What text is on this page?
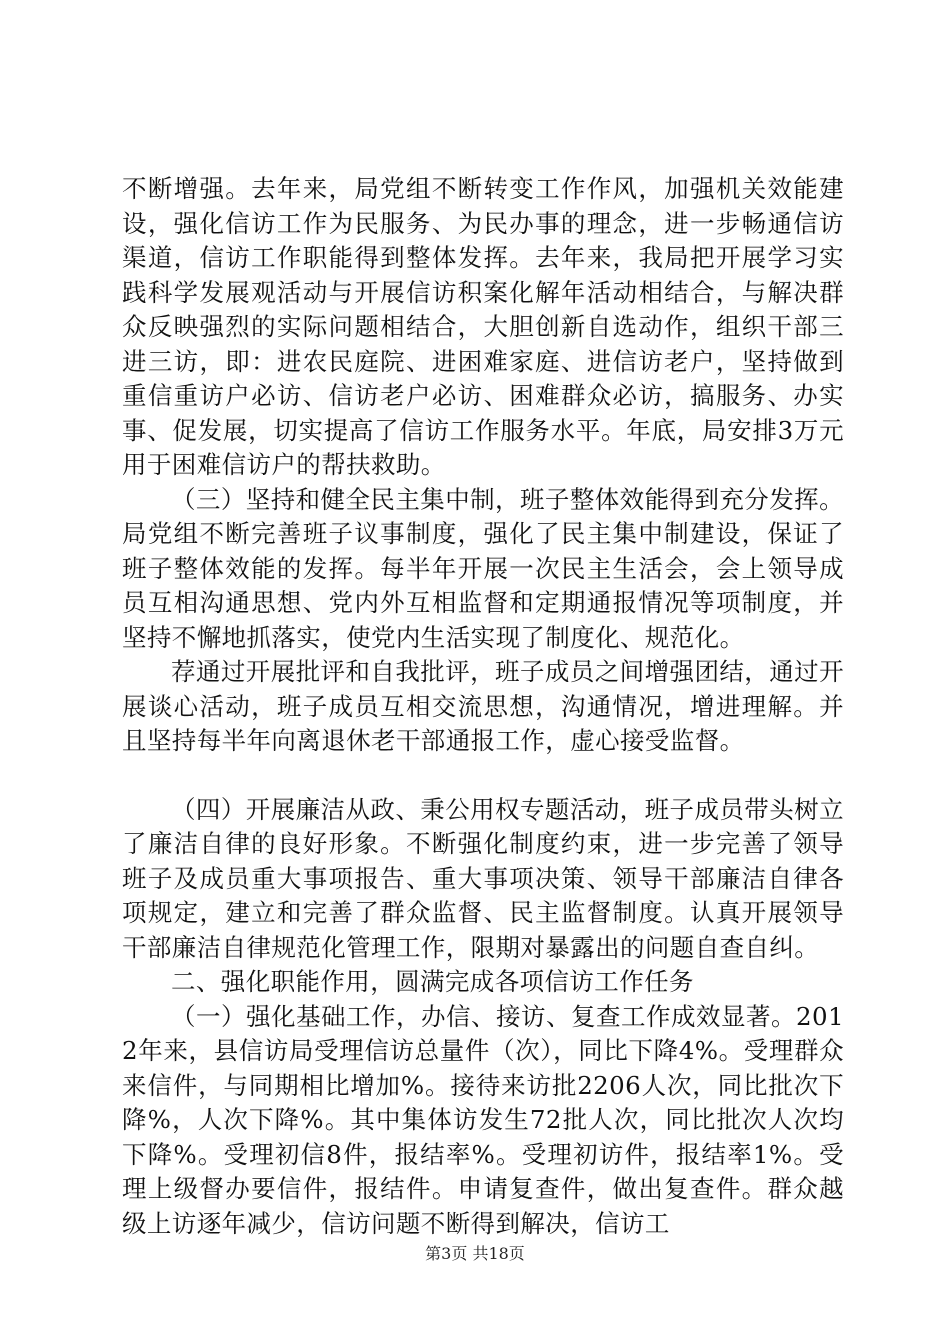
不断增强。去年来，局党组不断转变工作作风，加强机关效能建设，强化信访工作为民服务、为民办事的理念，进一步畅通信访渠道，信访工作职能得到整体发挥。去年来，我局把开展学习实践科学发展观活动与开展信访积案化解年活动相结合，与解决群众反映强烈的实际问题相结合，大胆创新自选动作，组织干部三进三访，即：进农民庭院、进困难家庭、进信访老户，坚持做到重信重访户必访、信访老户必访、困难群众必访，搞服务、办实事、促发展，切实提高了信访工作服务水平。年底，局安排3万元用于困难信访户的帮扶救助。

（三）坚持和健全民主集中制，班子整体效能得到充分发挥。局党组不断完善班子议事制度，强化了民主集中制建设，保证了班子整体效能的发挥。每半年开展一次民主生活会，会上领导成员互相沟通思想、党内外互相监督和定期通报情况等项制度，并坚持不懈地抓落实，使党内生活实现了制度化、规范化。

荐通过开展批评和自我批评，班子成员之间增强团结，通过开展谈心活动，班子成员互相交流思想，沟通情况，增进理解。并且坚持每半年向离退休老干部通报工作，虚心接受监督。

（四）开展廉洁从政、秉公用权专题活动，班子成员带头树立了廉洁自律的良好形象。不断强化制度约束，进一步完善了领导班子及成员重大事项报告、重大事项决策、领导干部廉洁自律各项规定，建立和完善了群众监督、民主监督制度。认真开展领导干部廉洁自律规范化管理工作，限期对暴露出的问题自查自纠。

二、强化职能作用，圆满完成各项信访工作任务

（一）强化基础工作，办信、接访、复查工作成效显著。2012年来，县信访局受理信访总量件（次），同比下降4%。受理群众来信件，与同期相比增加%。接待来访批2206人次，同比批次下降%，人次下降%。其中集体访发生72批人次，同比批次人次均下降%。受理初信8件，报结率%。受理初访件，报结率1%。受理上级督办要信件，报结件。申请复查件，做出复查件。群众越级上访逐年减少，信访问题不断得到解决，信访工

第3页 共18页
